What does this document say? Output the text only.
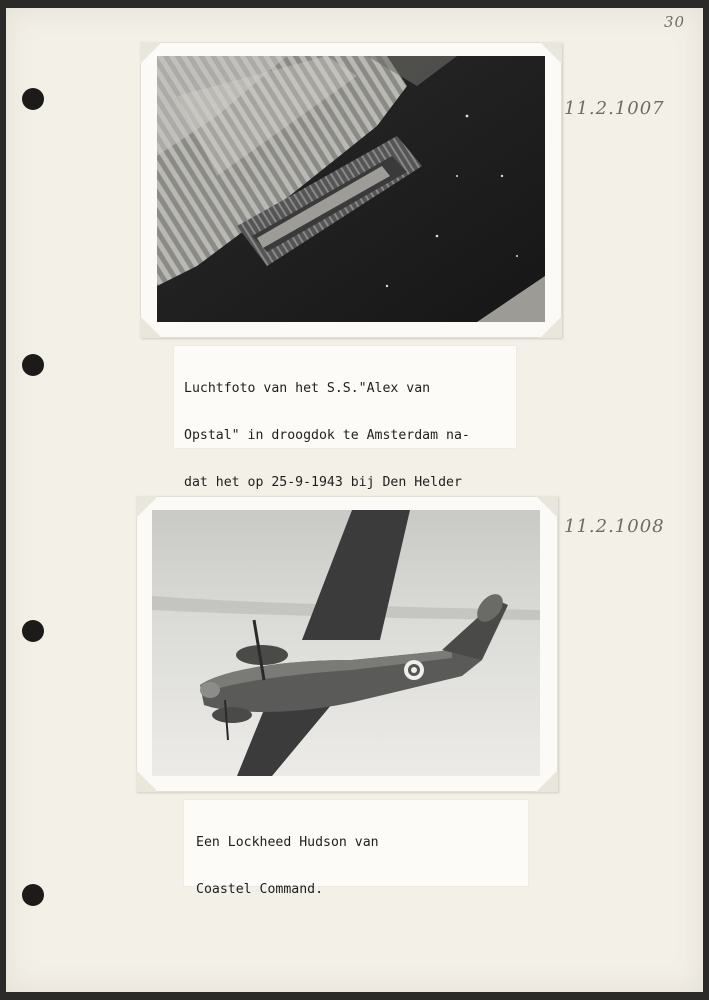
30
11.2.1007

Luchtfoto van het S.S."Alex van

Opstal" in droogdok te Amsterdam na-

dat het op 25-9-1943 bij Den Helder

11.2.1008

Een Lockheed Hudson van

Coastel Command.
